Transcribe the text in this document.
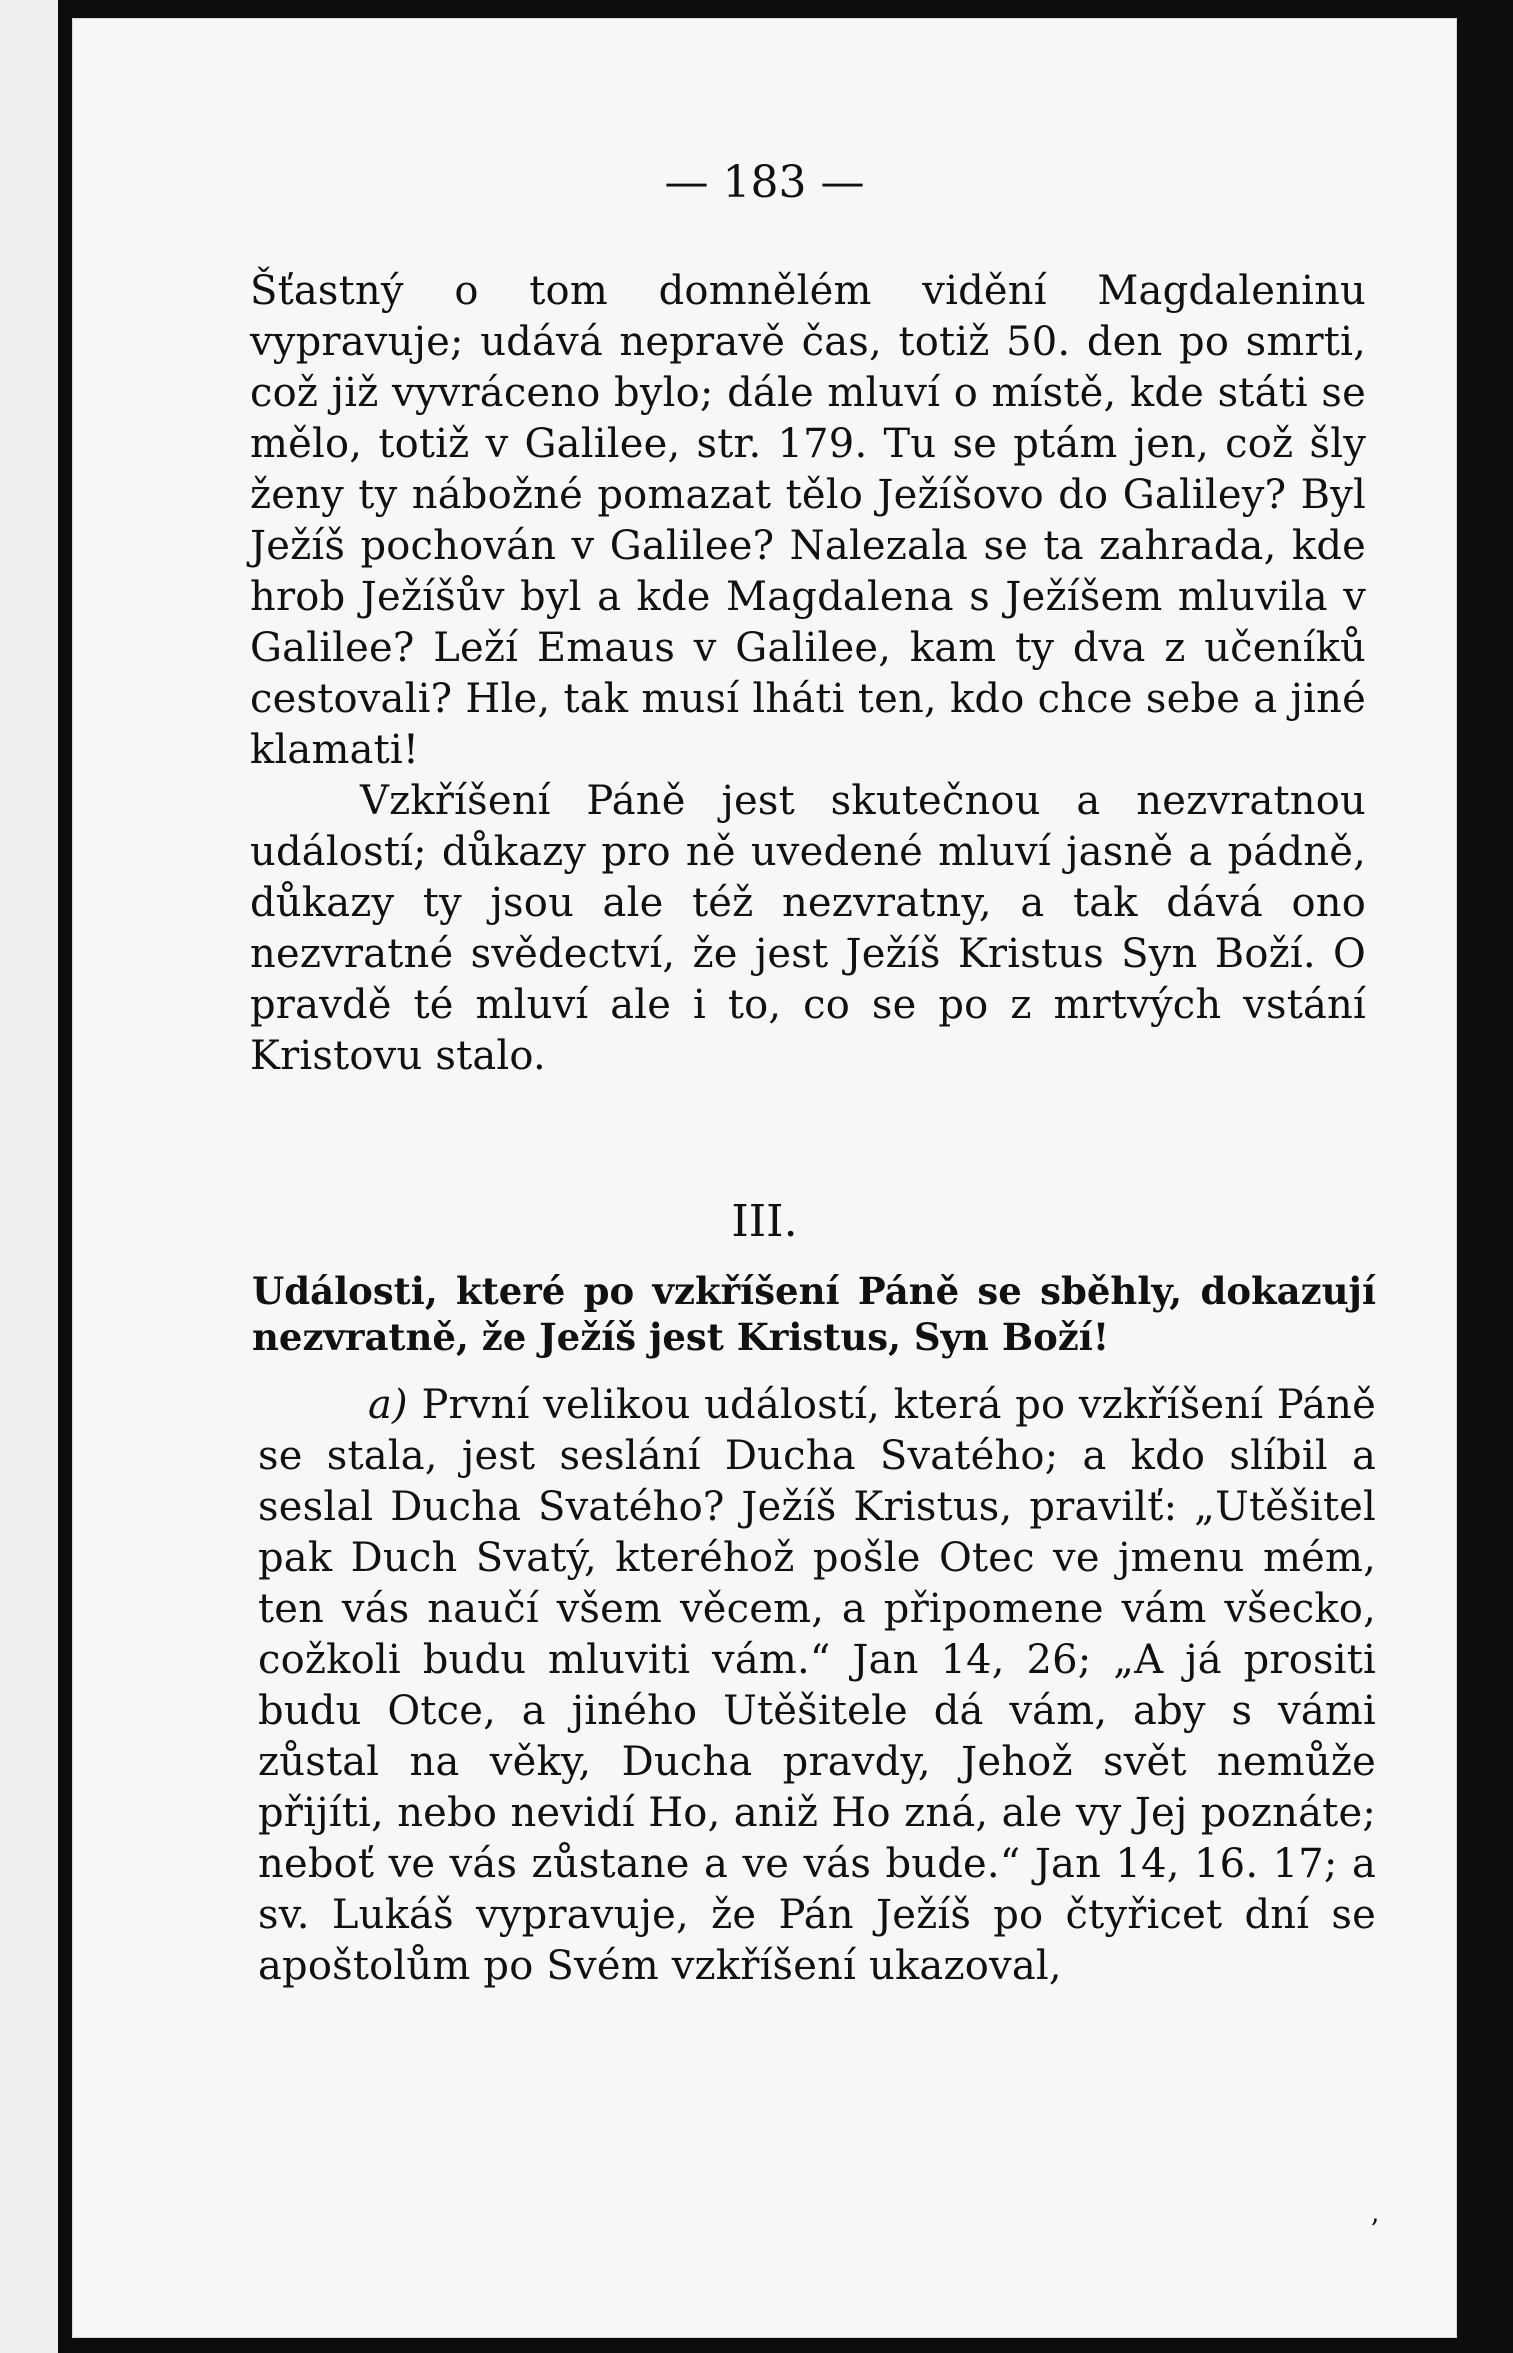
— 183 —

Šťastný o tom domnělém vidění Magdaleninu vypravuje; udává nepravě čas, totiž 50. den po smrti, což již vyvráceno bylo; dále mluví o místě, kde státi se mělo, totiž v Galilee, str. 179. Tu se ptám jen, což šly ženy ty nábožné pomazat tělo Ježíšovo do Galiley? Byl Ježíš pochován v Galilee? Nalezala se ta zahrada, kde hrob Ježíšův byl a kde Magdalena s Ježíšem mluvila v Galilee? Leží Emaus v Galilee, kam ty dva z učeníků cestovali? Hle, tak musí lháti ten, kdo chce sebe a jiné klamati!

Vzkříšení Páně jest skutečnou a nezvratnou událostí; důkazy pro ně uvedené mluví jasně a pádně, důkazy ty jsou ale též nezvratny, a tak dává ono nezvratné svědectví, že jest Ježíš Kristus Syn Boží. O pravdě té mluví ale i to, co se po z mrtvých vstání Kristovu stalo.

III.
Události, které po vzkříšení Páně se sběhly, dokazují nezvratně, že Ježíš jest Kristus, Syn Boží!

a) První velikou událostí, která po vzkříšení Páně se stala, jest seslání Ducha Svatého; a kdo slíbil a seslal Ducha Svatého? Ježíš Kristus, pravilť: „Utěšitel pak Duch Svatý, kteréhož pošle Otec ve jmenu mém, ten vás naučí všem věcem, a připomene vám všecko, cožkoli budu mluviti vám.“ Jan 14, 26; „A já prositi budu Otce, a jiného Utěšitele dá vám, aby s vámi zůstal na věky, Ducha pravdy, Jehož svět nemůže přijíti, nebo nevidí Ho, aniž Ho zná, ale vy Jej poznáte; neboť ve vás zůstane a ve vás bude.“ Jan 14, 16. 17; a sv. Lukáš vypravuje, že Pán Ježíš po čtyřicet dní se apoštolům po Svém vzkříšení ukazoval,

’
